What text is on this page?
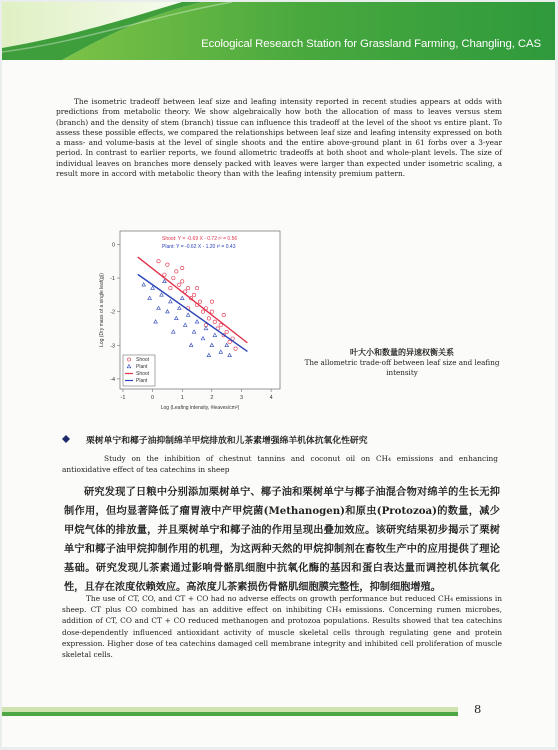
Ecological Research Station for Grassland Farming, Changling, CAS
The isometric tradeoff between leaf size and leafing intensity reported in recent studies appears at odds with predictions from metabolic theory. We show algebraically how both the allocation of mass to leaves versus stem (branch) and the density of stem (branch) tissue can influence this tradeoff at the level of the shoot vs entire plant. To assess these possible effects, we compared the relationships between leaf size and leafing intensity expressed on both a mass- and volume-basis at the level of single shoots and the entire above-ground plant in 61 forbs over a 3-year period. In contrast to earlier reports, we found allometric tradeoffs at both shoot and whole-plant levels. The size of individual leaves on branches more densely packed with leaves were larger than expected under isometric scaling, a result more in accord with metabolic theory than with the leafing intensity premium pattern.
-1	0	1	2	3	4
0
-1
-2
-3
-4
Log (Leafing intensity, #leaves/cm²)
Log (Dry mass of a single leaf(g))
Shoot: Y = -0.69 X - 0.72 r² = 0.56
Plant: Y = -0.62 X - 1.20 r² = 0.43
Shoot
Plant
Shoot
Plant
叶大小和数量的异速权衡关系
The allometric trade-off between leaf size and leafing intensity
栗树单宁和椰子油抑制绵羊甲烷排放和儿茶素增强绵羊机体抗氧化性研究
Study on the inhibition of chestnut tannins and coconut oil on CH₄ emissions and enhancing antioxidative effect of tea catechins in sheep
研究发现了日粮中分别添加栗树单宁、椰子油和栗树单宁与椰子油混合物对绵羊的生长无抑制作用，但均显著降低了瘤胃液中产甲烷菌(Methanogen)和原虫(Protozoa)的数量，减少甲烷气体的排放量，并且栗树单宁和椰子油的作用呈现出叠加效应。该研究结果初步揭示了栗树单宁和椰子油甲烷抑制作用的机理，为这两种天然的甲烷抑制剂在畜牧生产中的应用提供了理论基础。研究发现儿茶素通过影响骨骼肌细胞中抗氧化酶的基因和蛋白表达量而调控机体抗氧化性，且存在浓度依赖效应。高浓度儿茶素损伤骨骼肌细胞膜完整性，抑制细胞增殖。
The use of CT, CO, and CT + CO had no adverse effects on growth performance but reduced CH₄ emissions in sheep. CT plus CO combined has an additive effect on inhibiting CH₄ emissions. Concerning rumen microbes, addition of CT, CO and CT + CO reduced methanogen and protozoa populations. Results showed that tea catechins dose-dependently influenced antioxidant activity of muscle skeletal cells through regulating gene and protein expression. Higher dose of tea catechins damaged cell membrane integrity and inhibited cell proliferation of muscle skeletal cells.
8
